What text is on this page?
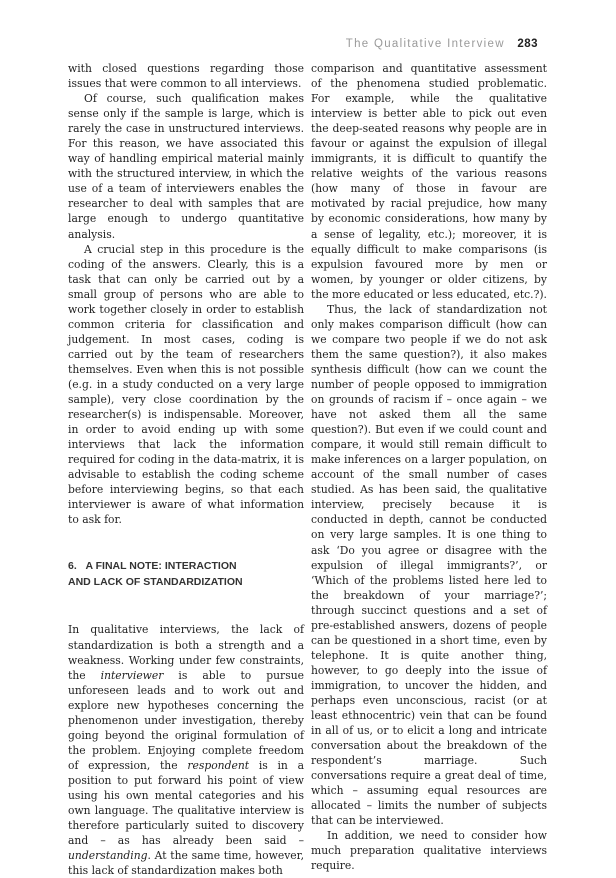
The Qualitative Interview 283

with closed questions regarding those issues that were common to all interviews.

Of course, such qualification makes sense only if the sample is large, which is rarely the case in unstructured interviews. For this reason, we have associated this way of handling empirical material mainly with the structured interview, in which the use of a team of interviewers enables the researcher to deal with samples that are large enough to undergo quantitative analysis.

A crucial step in this procedure is the coding of the answers. Clearly, this is a task that can only be carried out by a small group of persons who are able to work together closely in order to establish common criteria for classification and judgement. In most cases, coding is carried out by the team of researchers themselves. Even when this is not possible (e.g. in a study conducted on a very large sample), very close coordination by the researcher(s) is indispensable. Moreover, in order to avoid ending up with some interviews that lack the information required for coding in the data-matrix, it is advisable to establish the coding scheme before interviewing begins, so that each interviewer is aware of what information to ask for.

6.   A FINAL NOTE: INTERACTION
AND LACK OF STANDARDIZATION

In qualitative interviews, the lack of standardization is both a strength and a weakness. Working under few constraints, the interviewer is able to pursue unforeseen leads and to work out and explore new hypotheses concerning the phenomenon under investigation, thereby going beyond the original formulation of the problem. Enjoying complete freedom of expression, the respondent is in a position to put forward his point of view using his own mental categories and his own language. The qualitative interview is therefore particularly suited to discovery and – as has already been said – understanding. At the same time, however, this lack of standardization makes both

comparison and quantitative assessment of the phenomena studied problematic. For example, while the qualitative interview is better able to pick out even the deep-seated reasons why people are in favour or against the expulsion of illegal immigrants, it is difficult to quantify the relative weights of the various reasons (how many of those in favour are motivated by racial prejudice, how many by economic considerations, how many by a sense of legality, etc.); moreover, it is equally difficult to make comparisons (is expulsion favoured more by men or women, by younger or older citizens, by the more educated or less educated, etc.?).

Thus, the lack of standardization not only makes comparison difficult (how can we compare two people if we do not ask them the same question?), it also makes synthesis difficult (how can we count the number of people opposed to immigration on grounds of racism if – once again – we have not asked them all the same question?). But even if we could count and compare, it would still remain difficult to make inferences on a larger population, on account of the small number of cases studied. As has been said, the qualitative interview, precisely because it is conducted in depth, cannot be conducted on very large samples. It is one thing to ask ‘Do you agree or disagree with the expulsion of illegal immigrants?’, or ‘Which of the problems listed here led to the breakdown of your marriage?’; through succinct questions and a set of pre-established answers, dozens of people can be questioned in a short time, even by telephone. It is quite another thing, however, to go deeply into the issue of immigration, to uncover the hidden, and perhaps even unconscious, racist (or at least ethnocentric) vein that can be found in all of us, or to elicit a long and intricate conversation about the breakdown of the respondent’s marriage. Such conversations require a great deal of time, which – assuming equal resources are allocated – limits the number of subjects that can be interviewed.

In addition, we need to consider how much preparation qualitative interviews require.
